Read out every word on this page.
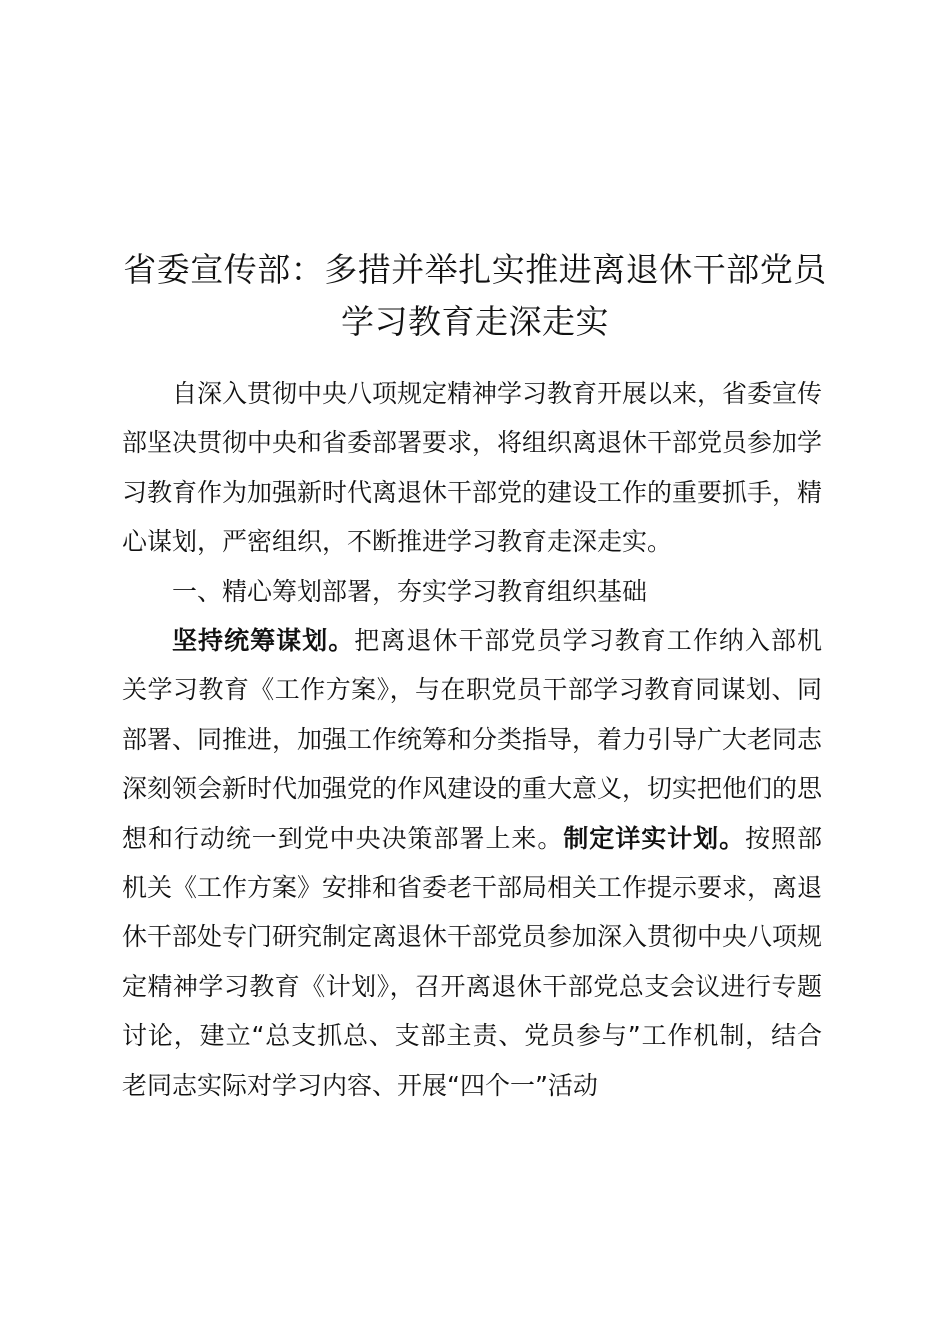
省委宣传部：多措并举扎实推进离退休干部党员学习教育走深走实

自深入贯彻中央八项规定精神学习教育开展以来，省委宣传部坚决贯彻中央和省委部署要求，将组织离退休干部党员参加学习教育作为加强新时代离退休干部党的建设工作的重要抓手，精心谋划，严密组织，不断推进学习教育走深走实。

一、精心筹划部署，夯实学习教育组织基础

坚持统筹谋划。把离退休干部党员学习教育工作纳入部机关学习教育《工作方案》，与在职党员干部学习教育同谋划、同部署、同推进，加强工作统筹和分类指导，着力引导广大老同志深刻领会新时代加强党的作风建设的重大意义，切实把他们的思想和行动统一到党中央决策部署上来。制定详实计划。按照部机关《工作方案》安排和省委老干部局相关工作提示要求，离退休干部处专门研究制定离退休干部党员参加深入贯彻中央八项规定精神学习教育《计划》，召开离退休干部党总支会议进行专题讨论，建立“总支抓总、支部主责、党员参与”工作机制，结合老同志实际对学习内容、开展“四个一”活动
